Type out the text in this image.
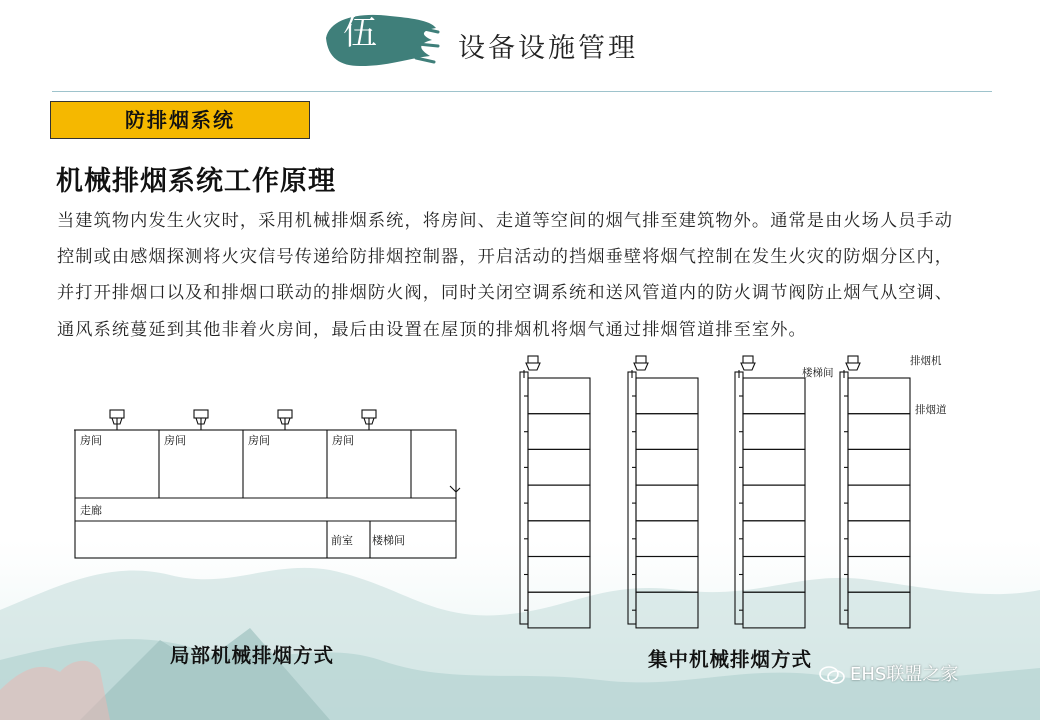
伍	设备设施管理
防排烟系统
机械排烟系统工作原理

当建筑物内发生火灾时，采用机械排烟系统，将房间、走道等空间的烟气排至建筑物外。通常是由火场人员手动控制或由感烟探测将火灾信号传递给防排烟控制器，开启活动的挡烟垂壁将烟气控制在发生火灾的防烟分区内，并打开排烟口以及和排烟口联动的排烟防火阀，同时关闭空调系统和送风管道内的防火调节阀防止烟气从空调、通风系统蔓延到其他非着火房间，最后由设置在屋顶的排烟机将烟气通过排烟管道排至室外。

房间	房间	房间	房间
走廊
前室 楼梯间
局部机械排烟方式
楼梯间
排烟机
排烟道
集中机械排烟方式
EHS联盟之家
